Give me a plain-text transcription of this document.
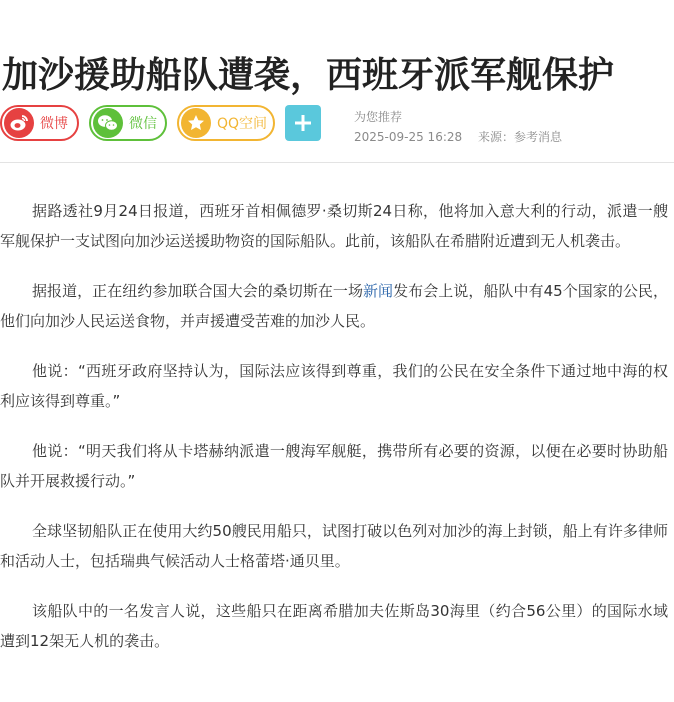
加沙援助船队遭袭，西班牙派军舰保护
微博	微信	QQ空间	为您推荐
2025-09-25 16:28 来源：参考消息

据路透社9月24日报道，西班牙首相佩德罗·桑切斯24日称，他将加入意大利的行动，派遣一艘军舰保护一支试图向加沙运送援助物资的国际船队。此前，该船队在希腊附近遭到无人机袭击。

据报道，正在纽约参加联合国大会的桑切斯在一场新闻发布会上说，船队中有45个国家的公民，他们向加沙人民运送食物，并声援遭受苦难的加沙人民。

他说：“西班牙政府坚持认为，国际法应该得到尊重，我们的公民在安全条件下通过地中海的权利应该得到尊重。”

他说：“明天我们将从卡塔赫纳派遣一艘海军舰艇，携带所有必要的资源，以便在必要时协助船队并开展救援行动。”

全球坚韧船队正在使用大约50艘民用船只，试图打破以色列对加沙的海上封锁，船上有许多律师和活动人士，包括瑞典气候活动人士格蕾塔·通贝里。

该船队中的一名发言人说，这些船只在距离希腊加夫佐斯岛30海里（约合56公里）的国际水域遭到12架无人机的袭击。
